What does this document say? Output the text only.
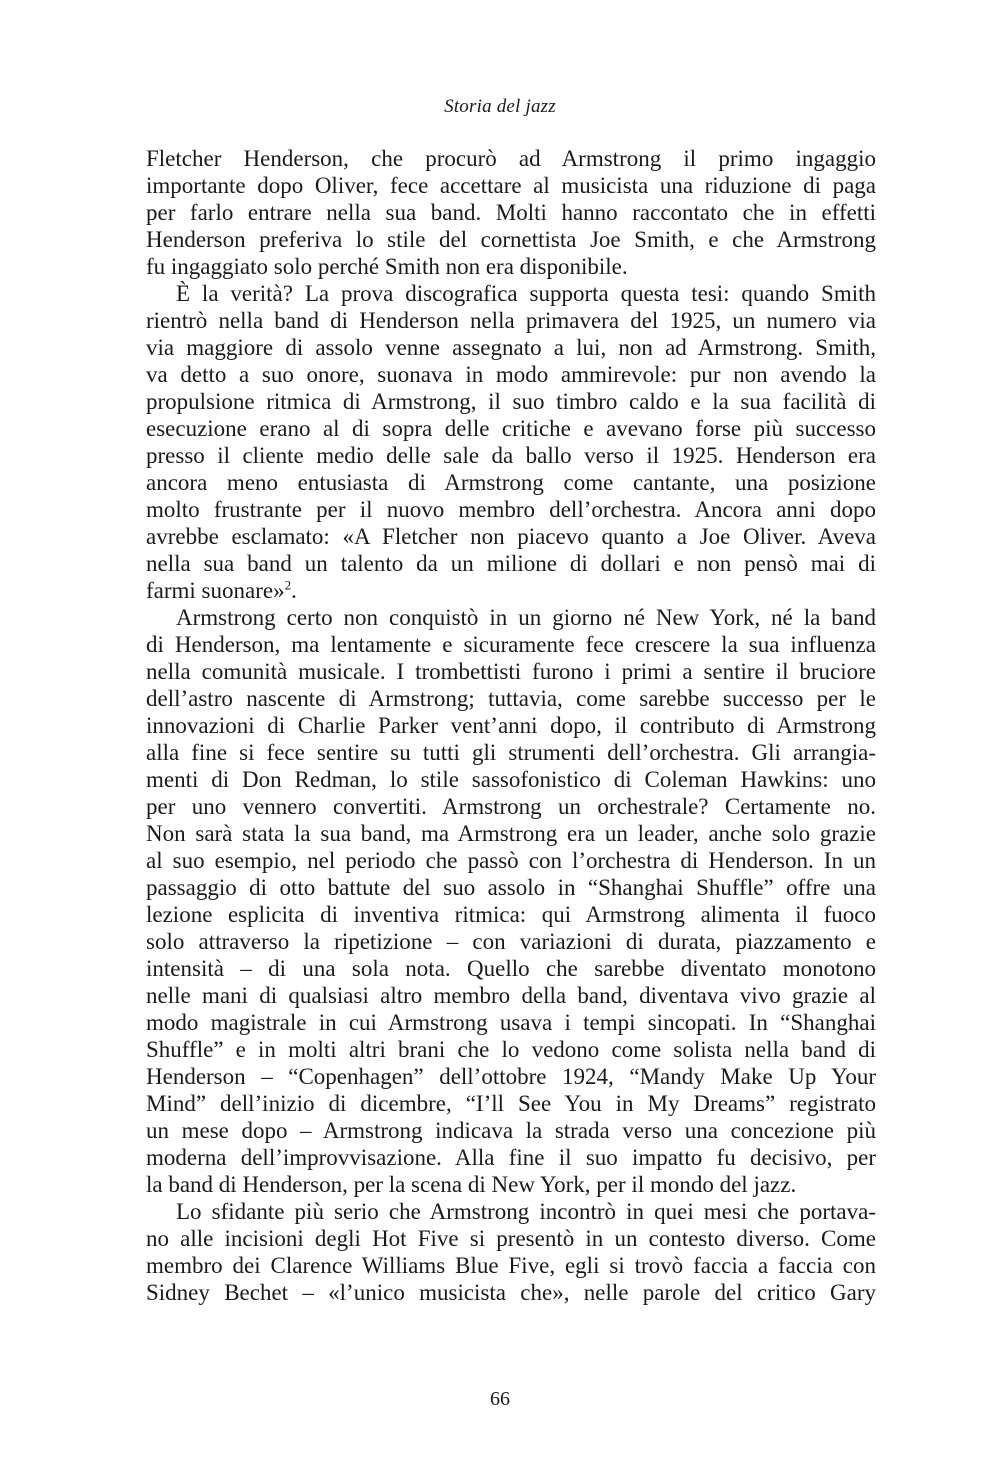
Storia del jazz

Fletcher Henderson, che procurò ad Armstrong il primo ingaggio
importante dopo Oliver, fece accettare al musicista una riduzione di paga
per farlo entrare nella sua band. Molti hanno raccontato che in effetti
Henderson preferiva lo stile del cornettista Joe Smith, e che Armstrong
fu ingaggiato solo perché Smith non era disponibile.

È la verità? La prova discografica supporta questa tesi: quando Smith
rientrò nella band di Henderson nella primavera del 1925, un numero via
via maggiore di assolo venne assegnato a lui, non ad Armstrong. Smith,
va detto a suo onore, suonava in modo ammirevole: pur non avendo la
propulsione ritmica di Armstrong, il suo timbro caldo e la sua facilità di
esecuzione erano al di sopra delle critiche e avevano forse più successo
presso il cliente medio delle sale da ballo verso il 1925. Henderson era
ancora meno entusiasta di Armstrong come cantante, una posizione
molto frustrante per il nuovo membro dell’orchestra. Ancora anni dopo
avrebbe esclamato: «A Fletcher non piacevo quanto a Joe Oliver. Aveva
nella sua band un talento da un milione di dollari e non pensò mai di
farmi suonare»$^2$.

Armstrong certo non conquistò in un giorno né New York, né la band
di Henderson, ma lentamente e sicuramente fece crescere la sua influenza
nella comunità musicale. I trombettisti furono i primi a sentire il bruciore
dell’astro nascente di Armstrong; tuttavia, come sarebbe successo per le
innovazioni di Charlie Parker vent’anni dopo, il contributo di Armstrong
alla fine si fece sentire su tutti gli strumenti dell’orchestra. Gli arrangia-
menti di Don Redman, lo stile sassofonistico di Coleman Hawkins: uno
per uno vennero convertiti. Armstrong un orchestrale? Certamente no.
Non sarà stata la sua band, ma Armstrong era un leader, anche solo grazie
al suo esempio, nel periodo che passò con l’orchestra di Henderson. In un
passaggio di otto battute del suo assolo in “Shanghai Shuffle” offre una
lezione esplicita di inventiva ritmica: qui Armstrong alimenta il fuoco
solo attraverso la ripetizione – con variazioni di durata, piazzamento e
intensità – di una sola nota. Quello che sarebbe diventato monotono
nelle mani di qualsiasi altro membro della band, diventava vivo grazie al
modo magistrale in cui Armstrong usava i tempi sincopati. In “Shanghai
Shuffle” e in molti altri brani che lo vedono come solista nella band di
Henderson – “Copenhagen” dell’ottobre 1924, “Mandy Make Up Your
Mind” dell’inizio di dicembre, “I’ll See You in My Dreams” registrato
un mese dopo – Armstrong indicava la strada verso una concezione più
moderna dell’improvvisazione. Alla fine il suo impatto fu decisivo, per
la band di Henderson, per la scena di New York, per il mondo del jazz.

Lo sfidante più serio che Armstrong incontrò in quei mesi che portava-
no alle incisioni degli Hot Five si presentò in un contesto diverso. Come
membro dei Clarence Williams Blue Five, egli si trovò faccia a faccia con
Sidney Bechet – «l’unico musicista che», nelle parole del critico Gary

66
